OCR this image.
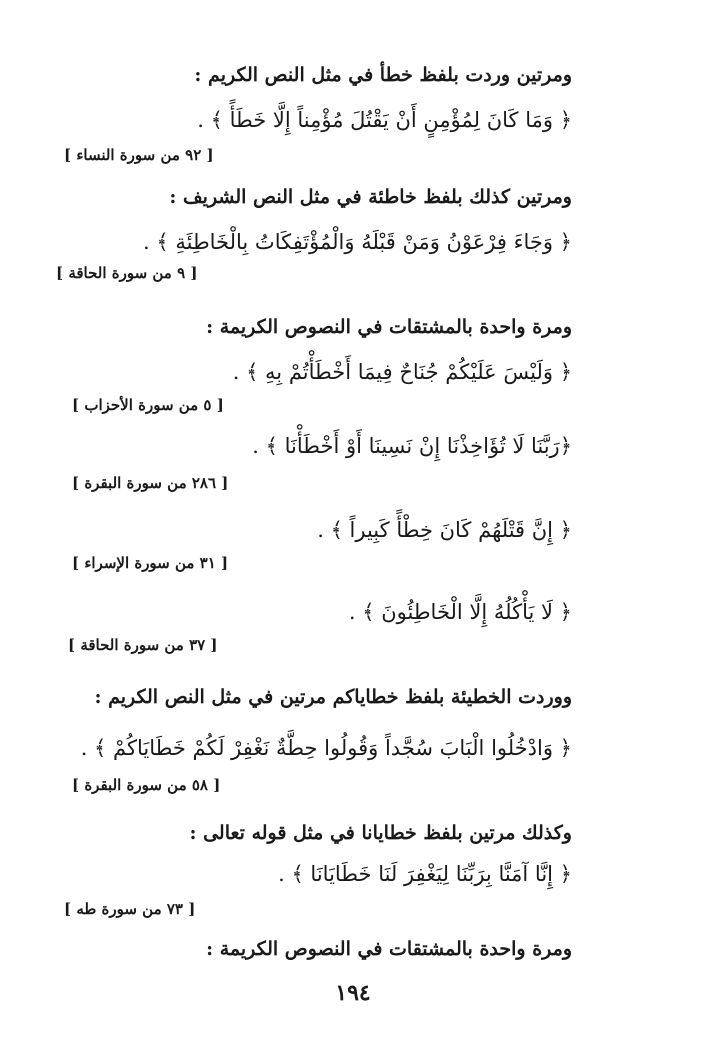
ومرتين وردت بلفظ خطأ في مثل النص الكريم :
﴿ وَمَا كَانَ لِمُؤْمِنٍ أَنْ يَقْتُلَ مُؤْمِناً إِلَّا خَطَأً ﴾ .
[ ٩٢ من سورة النساء ]
ومرتين كذلك بلفظ خاطئة في مثل النص الشريف :
﴿ وَجَاءَ فِرْعَوْنُ وَمَنْ قَبْلَهُ وَالْمُؤْتَفِكَاتُ بِالْخَاطِئَةِ ﴾ .
[ ٩ من سورة الحاقة ]
ومرة واحدة بالمشتقات في النصوص الكريمة :
﴿ وَلَيْسَ عَلَيْكُمْ جُنَاحٌ فِيمَا أَخْطَأْتُمْ بِهِ ﴾ .
[ ٥ من سورة الأحزاب ]
﴿رَبَّنَا لَا تُؤَاخِذْنَا إِنْ نَسِينَا أَوْ أَخْطَأْنَا ﴾ .
[ ٢٨٦ من سورة البقرة ]
﴿ إِنَّ قَتْلَهُمْ كَانَ خِطْأً كَبِيراً ﴾ .
[ ٣١ من سورة الإسراء ]
﴿ لَا يَأْكُلُهُ إِلَّا الْخَاطِئُونَ ﴾ .
[ ٣٧ من سورة الحاقة ]
ووردت الخطيئة بلفظ خطاياكم مرتين في مثل النص الكريم :
﴿ وَادْخُلُوا الْبَابَ سُجَّداً وَقُولُوا حِطَّةٌ نَغْفِرْ لَكُمْ خَطَايَاكُمْ ﴾ .
[ ٥٨ من سورة البقرة ]
وكذلك مرتين بلفظ خطايانا في مثل قوله تعالى :
﴿ إِنَّا آمَنَّا بِرَبِّنَا لِيَغْفِرَ لَنَا خَطَايَانَا ﴾ .
[ ٧٣ من سورة طه ]
ومرة واحدة بالمشتقات في النصوص الكريمة :
١٩٤
